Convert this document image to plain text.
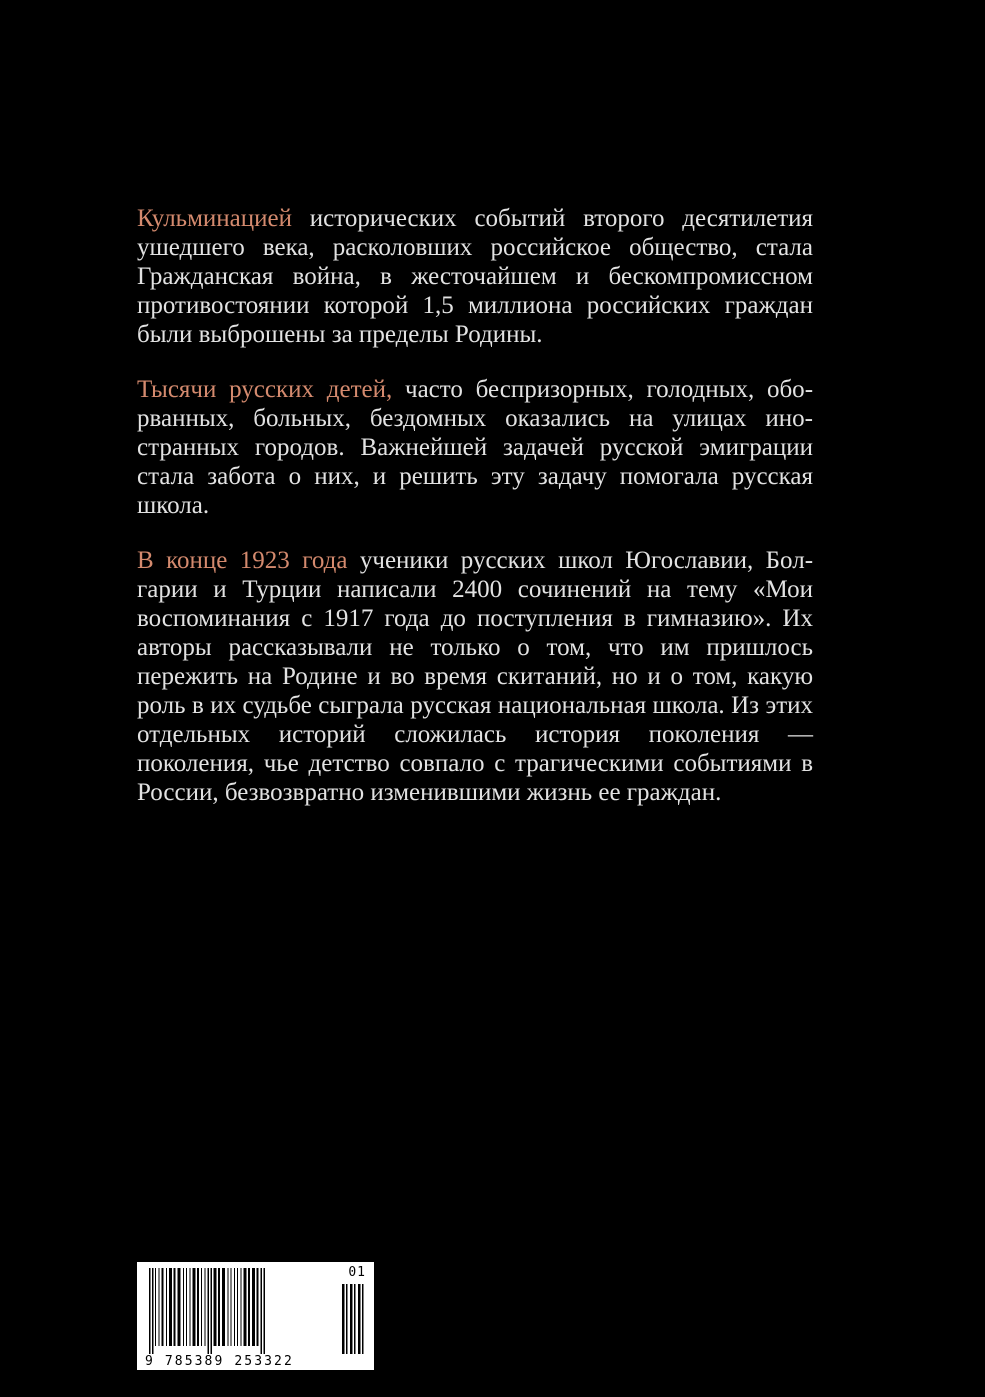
Кульминацией исторических событий второго десятилетия ушедшего века, расколовших российское общество, стала Гражданская война, в жесточайшем и бескомпромиссном противостоянии которой 1,5 миллиона российских граждан были выброшены за пределы Родины.
Тысячи русских детей, часто беспризорных, голодных, оборванных, больных, бездомных оказались на улицах иностранных городов. Важнейшей задачей русской эмиграции стала забота о них, и решить эту задачу помогала русская школа.
В конце 1923 года ученики русских школ Югославии, Болгарии и Турции написали 2400 сочинений на тему «Мои воспоминания с 1917 года до поступления в гимназию». Их авторы рассказывали не только о том, что им пришлось пережить на Родине и во время скитаний, но и о том, какую роль в их судьбе сыграла русская национальная школа. Из этих отдельных историй сложилась история поколения — поколения, чье детство совпало с трагическими событиями в России, безвозвратно изменившими жизнь ее граждан.
01
9 785389 253322
